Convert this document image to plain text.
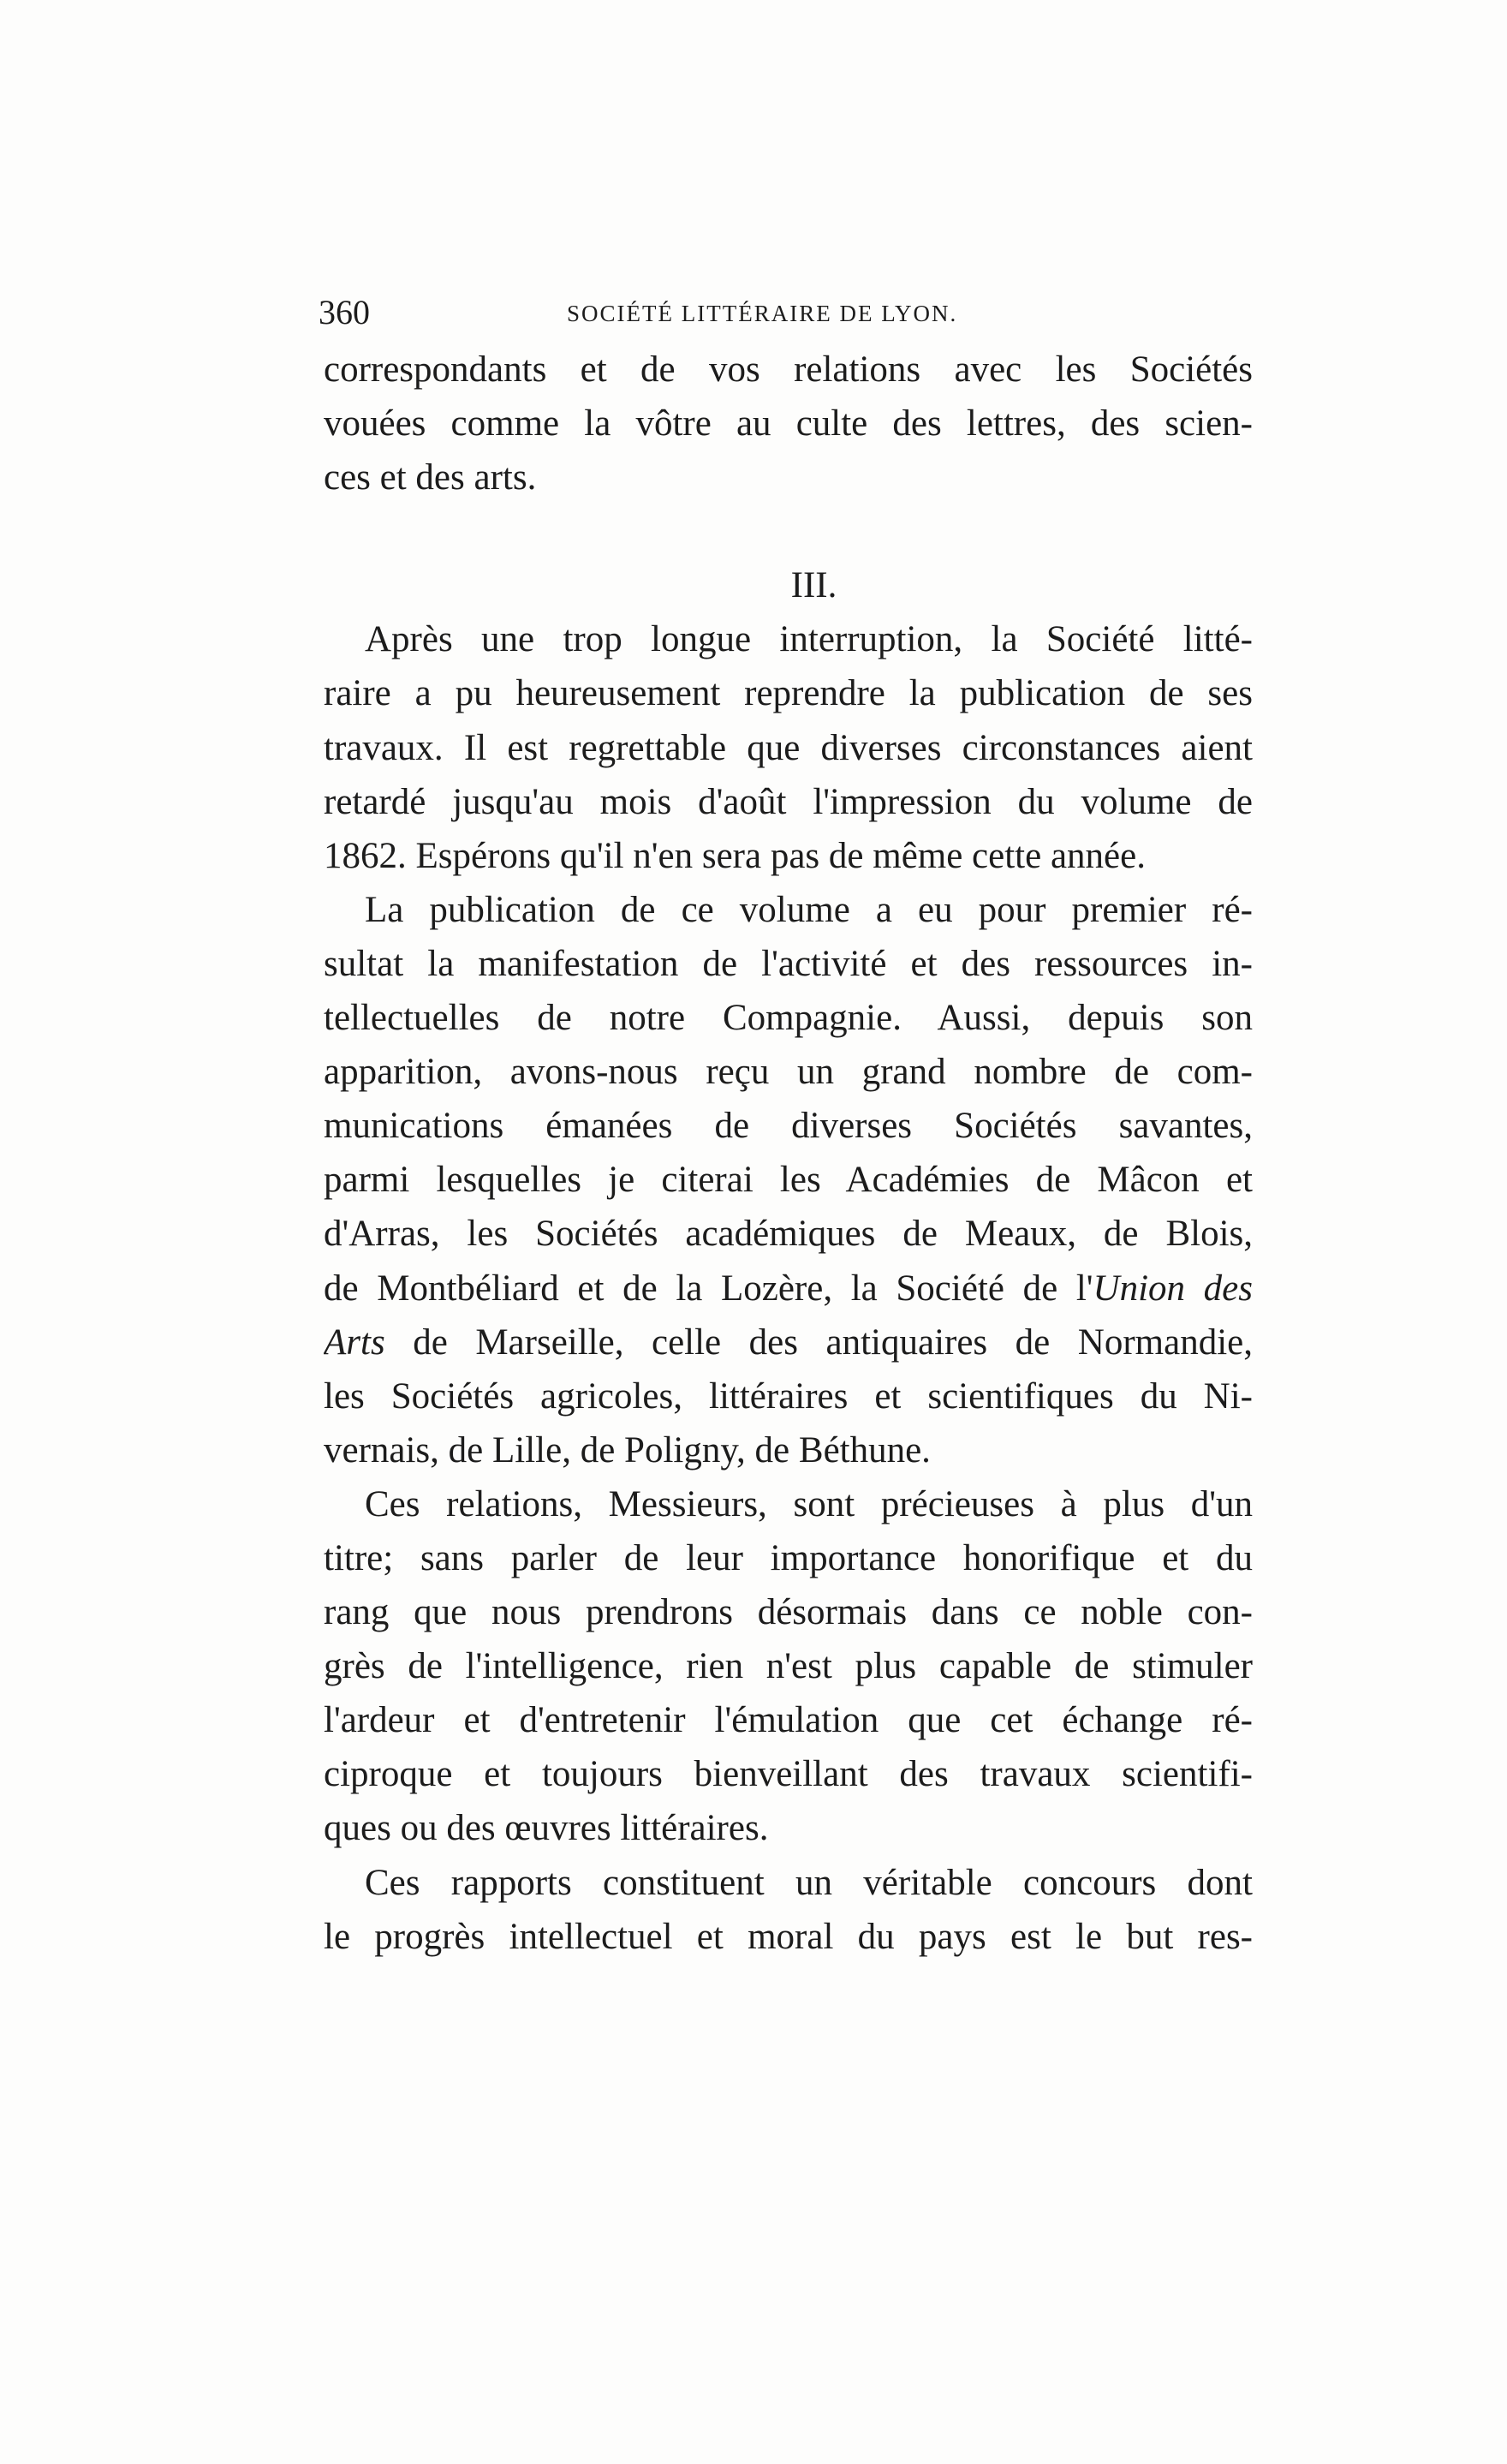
360	SOCIÉTÉ LITTÉRAIRE DE LYON.
correspondants et de vos relations avec les Sociétés
vouées comme la vôtre au culte des lettres, des scien-
ces et des arts.
III.
Après une trop longue interruption, la Société litté-
raire a pu heureusement reprendre la publication de ses
travaux. Il est regrettable que diverses circonstances aient
retardé jusqu'au mois d'août l'impression du volume de
1862. Espérons qu'il n'en sera pas de même cette année.
La publication de ce volume a eu pour premier ré-
sultat la manifestation de l'activité et des ressources in-
tellectuelles de notre Compagnie. Aussi, depuis son
apparition, avons-nous reçu un grand nombre de com-
munications émanées de diverses Sociétés savantes,
parmi lesquelles je citerai les Académies de Mâcon et
d'Arras, les Sociétés académiques de Meaux, de Blois,
de Montbéliard et de la Lozère, la Société de l'Union des
Arts de Marseille, celle des antiquaires de Normandie,
les Sociétés agricoles, littéraires et scientifiques du Ni-
vernais, de Lille, de Poligny, de Béthune.
Ces relations, Messieurs, sont précieuses à plus d'un
titre; sans parler de leur importance honorifique et du
rang que nous prendrons désormais dans ce noble con-
grès de l'intelligence, rien n'est plus capable de stimuler
l'ardeur et d'entretenir l'émulation que cet échange ré-
ciproque et toujours bienveillant des travaux scientifi-
ques ou des œuvres littéraires.
Ces rapports constituent un véritable concours dont
le progrès intellectuel et moral du pays est le but res-
